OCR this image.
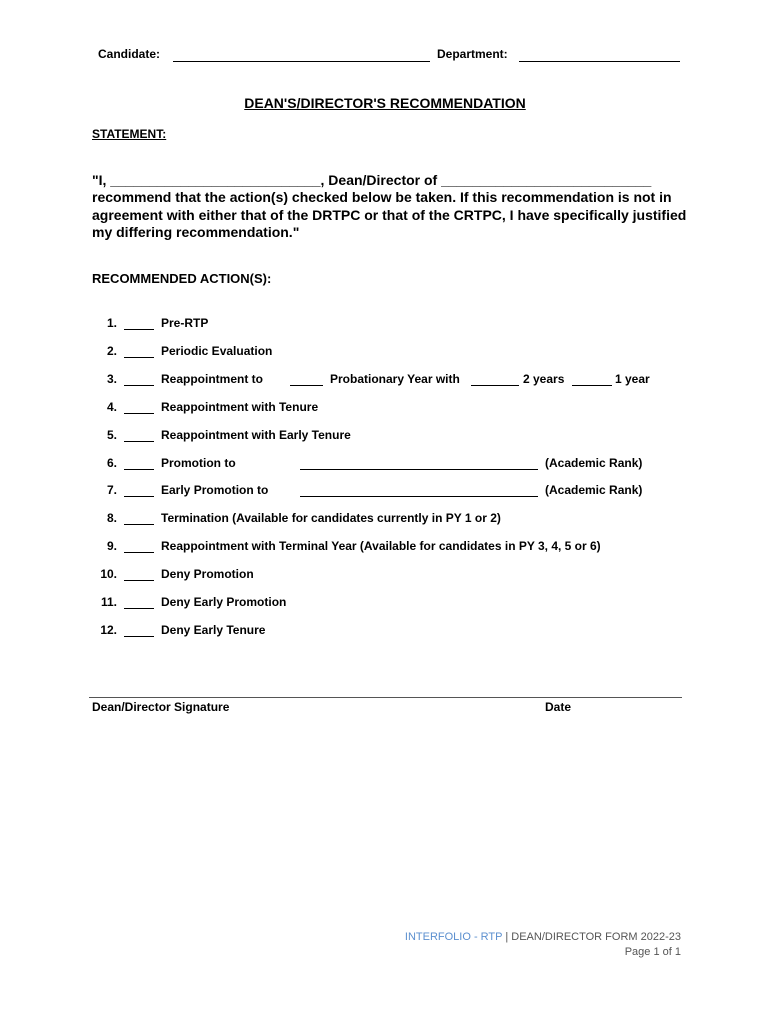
Candidate:	Department:
DEAN'S/DIRECTOR'S RECOMMENDATION
STATEMENT:
"I, ___________________________, Dean/Director of ___________________________
recommend that the action(s) checked below be taken. If this recommendation is not in
agreement with either that of the DRTPC or that of the CRTPC, I have specifically justified
my differing recommendation."
RECOMMENDED ACTION(S):
1.	Pre-RTP
2.	Periodic Evaluation
3.	Reappointment to	Probationary Year with	2 years	1 year
4.	Reappointment with Tenure
5.	Reappointment with Early Tenure
6.	Promotion to	(Academic Rank)
7.	Early Promotion to	(Academic Rank)
8.	Termination (Available for candidates currently in PY 1 or 2)
9.	Reappointment with Terminal Year (Available for candidates in PY 3, 4, 5 or 6)
10.	Deny Promotion
11.	Deny Early Promotion
12.	Deny Early Tenure
Dean/Director Signature	Date
INTERFOLIO - RTP | DEAN/DIRECTOR FORM 2022-23
Page 1 of 1
